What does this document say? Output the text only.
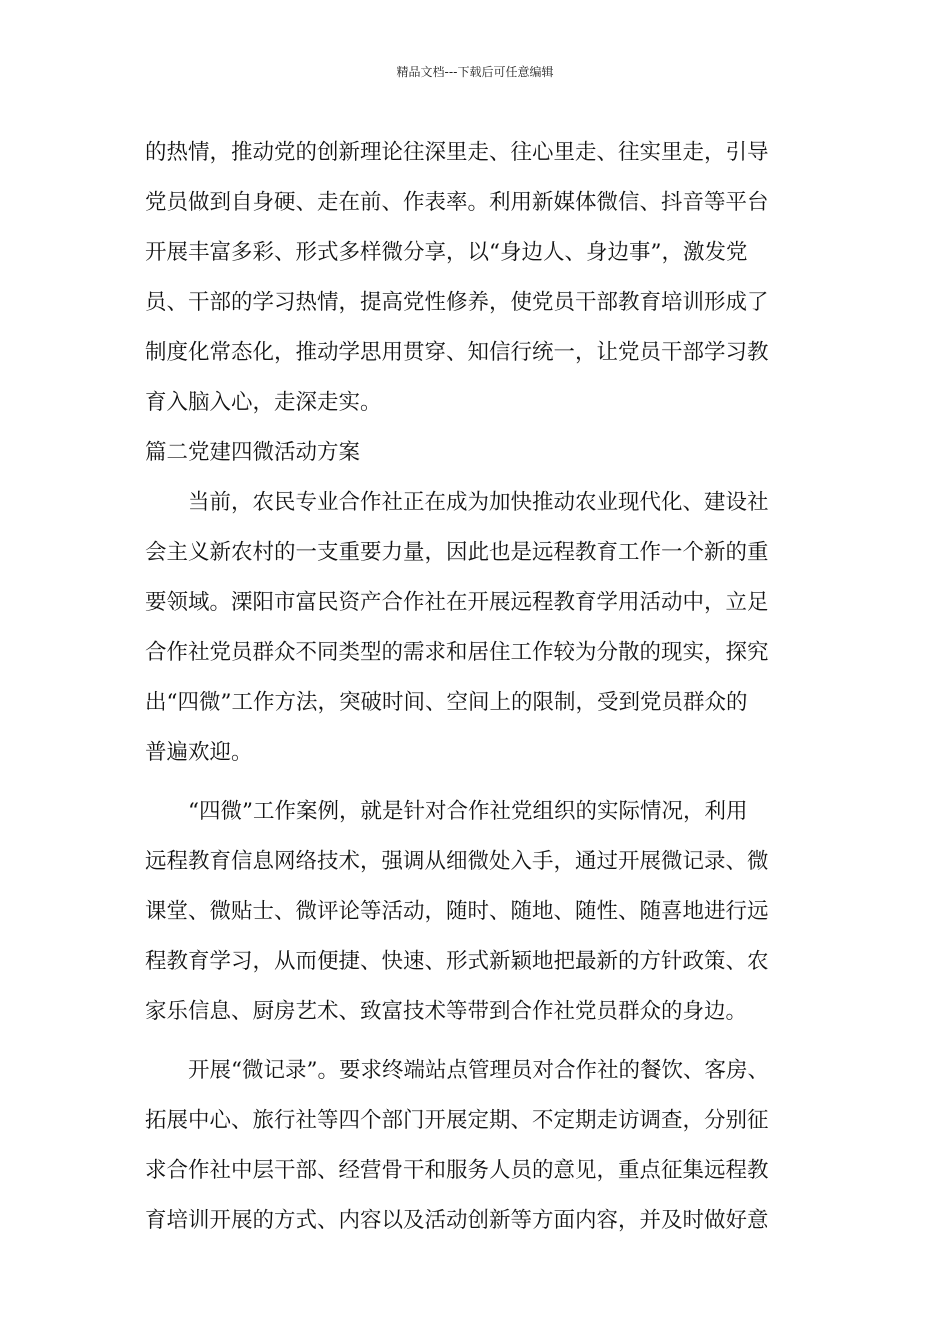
精品文档---下载后可任意编辑

的热情，推动党的创新理论往深里走、往心里走、往实里走，引导
党员做到自身硬、走在前、作表率。利用新媒体微信、抖音等平台
开展丰富多彩、形式多样微分享，以“身边人、身边事”，激发党
员、干部的学习热情，提高党性修养，使党员干部教育培训形成了
制度化常态化，推动学思用贯穿、知信行统一，让党员干部学习教
育入脑入心，走深走实。

篇二党建四微活动方案

当前，农民专业合作社正在成为加快推动农业现代化、建设社
会主义新农村的一支重要力量，因此也是远程教育工作一个新的重
要领域。溧阳市富民资产合作社在开展远程教育学用活动中，立足
合作社党员群众不同类型的需求和居住工作较为分散的现实，探究
出“四微”工作方法，突破时间、空间上的限制，受到党员群众的
普遍欢迎。

“四微”工作案例，就是针对合作社党组织的实际情况，利用
远程教育信息网络技术，强调从细微处入手，通过开展微记录、微
课堂、微贴士、微评论等活动，随时、随地、随性、随喜地进行远
程教育学习，从而便捷、快速、形式新颖地把最新的方针政策、农
家乐信息、厨房艺术、致富技术等带到合作社党员群众的身边。

开展“微记录”。要求终端站点管理员对合作社的餐饮、客房、
拓展中心、旅行社等四个部门开展定期、不定期走访调查，分别征
求合作社中层干部、经营骨干和服务人员的意见，重点征集远程教
育培训开展的方式、内容以及活动创新等方面内容，并及时做好意
